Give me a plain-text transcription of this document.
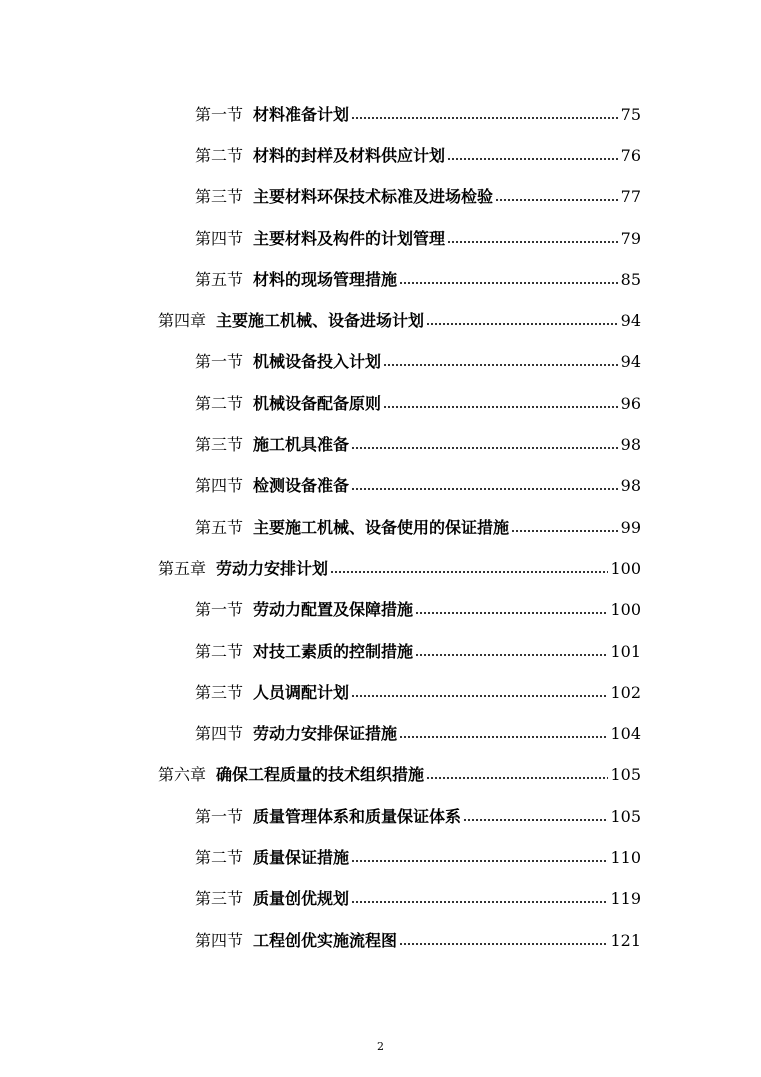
第一节 材料准备计划	75
第二节 材料的封样及材料供应计划	76
第三节 主要材料环保技术标准及进场检验	77
第四节 主要材料及构件的计划管理	79
第五节 材料的现场管理措施	85
第四章 主要施工机械、设备进场计划	94
第一节 机械设备投入计划	94
第二节 机械设备配备原则	96
第三节 施工机具准备	98
第四节 检测设备准备	98
第五节 主要施工机械、设备使用的保证措施	99
第五章 劳动力安排计划	100
第一节 劳动力配置及保障措施	100
第二节 对技工素质的控制措施	101
第三节 人员调配计划	102
第四节 劳动力安排保证措施	104
第六章 确保工程质量的技术组织措施	105
第一节 质量管理体系和质量保证体系	105
第二节 质量保证措施	110
第三节 质量创优规划	119
第四节 工程创优实施流程图	121
2
